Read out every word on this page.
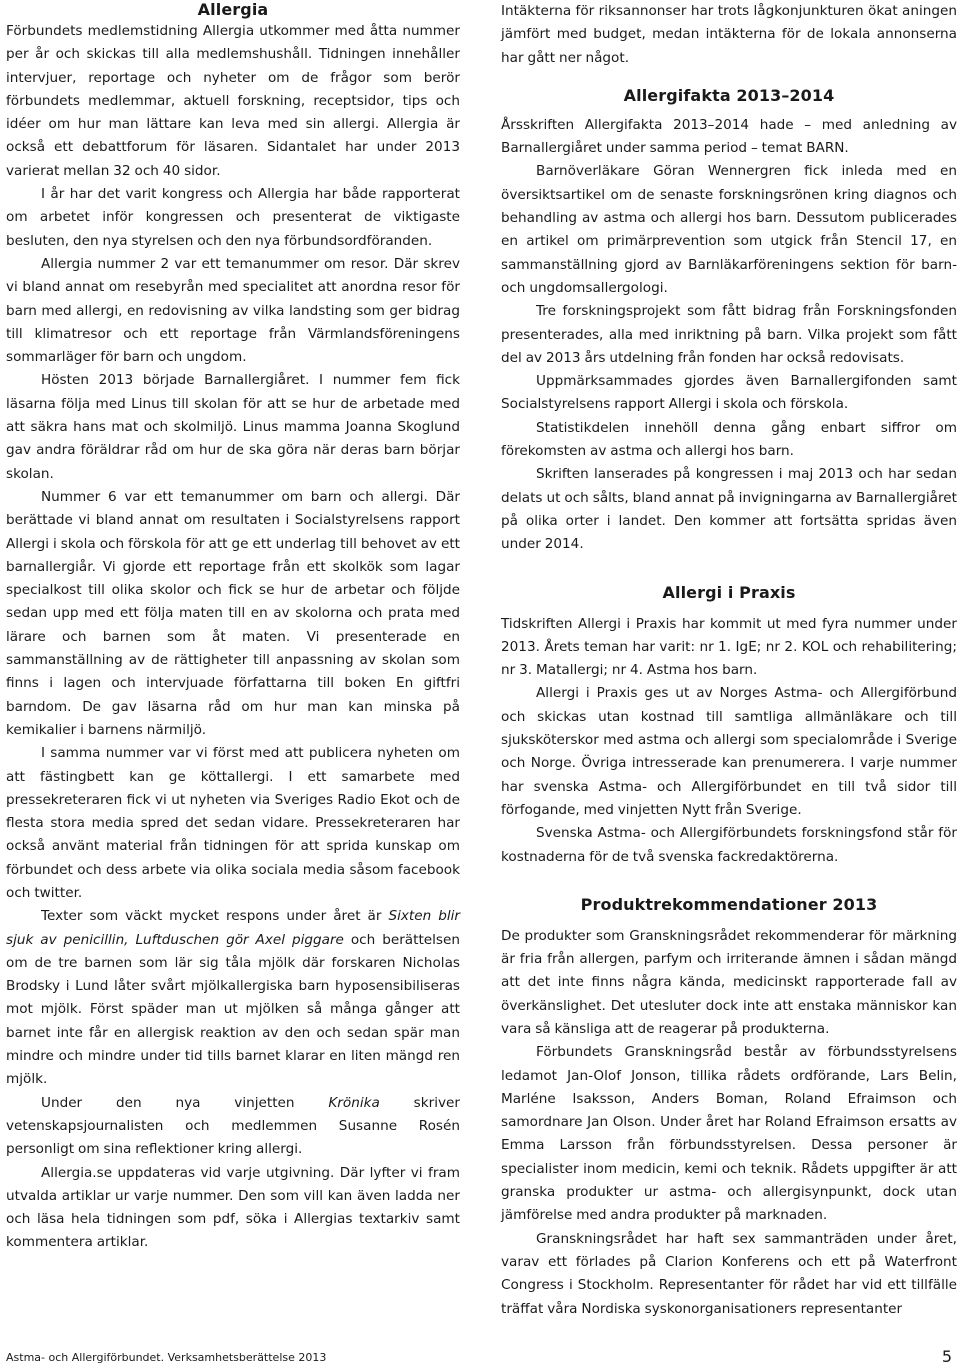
Allergia

Förbundets medlemstidning Allergia utkommer med åtta nummer per år och skickas till alla medlemshushåll. Tidningen innehåller intervjuer, reportage och nyheter om de frågor som berör förbundets medlemmar, aktuell forskning, receptsidor, tips och idéer om hur man lättare kan leva med sin allergi. Allergia är också ett debattforum för läsaren. Sidantalet har under 2013 varierat mellan 32 och 40 sidor.

I år har det varit kongress och Allergia har både rapporterat om arbetet inför kongressen och presenterat de viktigaste besluten, den nya styrelsen och den nya förbundsordföranden.

Allergia nummer 2 var ett temanummer om resor. Där skrev vi bland annat om resebyrån med specialitet att anordna resor för barn med allergi, en redovisning av vilka landsting som ger bidrag till klimatresor och ett reportage från Värmlandsföreningens sommarläger för barn och ungdom.

Hösten 2013 började Barnallergiåret. I nummer fem fick läsarna följa med Linus till skolan för att se hur de arbetade med att säkra hans mat och skolmiljö. Linus mamma Joanna Skoglund gav andra föräldrar råd om hur de ska göra när deras barn börjar skolan.

Nummer 6 var ett temanummer om barn och allergi. Där berättade vi bland annat om resultaten i Socialstyrelsens rapport Allergi i skola och förskola för att ge ett underlag till behovet av ett barnallergiår. Vi gjorde ett reportage från ett skolkök som lagar specialkost till olika skolor och fick se hur de arbetar och följde sedan upp med ett följa maten till en av skolorna och prata med lärare och barnen som åt maten. Vi presenterade en sammanställning av de rättigheter till anpassning av skolan som finns i lagen och intervjuade författarna till boken En giftfri barndom. De gav läsarna råd om hur man kan minska på kemikalier i barnens närmiljö.

I samma nummer var vi först med att publicera nyheten om att fästingbett kan ge köttallergi. I ett samarbete med pressekreteraren fick vi ut nyheten via Sveriges Radio Ekot och de flesta stora media spred det sedan vidare. Pressekreteraren har också använt material från tidningen för att sprida kunskap om förbundet och dess arbete via olika sociala media såsom facebook och twitter.

Texter som väckt mycket respons under året är Sixten blir sjuk av penicillin, Luftduschen gör Axel piggare och berättelsen om de tre barnen som lär sig tåla mjölk där forskaren Nicholas Brodsky i Lund låter svårt mjölkallergiska barn hyposensibiliseras mot mjölk. Först späder man ut mjölken så många gånger att barnet inte får en allergisk reaktion av den och sedan spär man mindre och mindre under tid tills barnet klarar en liten mängd ren mjölk.

Under den nya vinjetten Krönika skriver vetenskapsjournalisten och medlemmen Susanne Rosén personligt om sina reflektioner kring allergi.

Allergia.se uppdateras vid varje utgivning. Där lyfter vi fram utvalda artiklar ur varje nummer. Den som vill kan även ladda ner och läsa hela tidningen som pdf, söka i Allergias textarkiv samt kommentera artiklar.

Intäkterna för riksannonser har trots lågkonjunkturen ökat aningen jämfört med budget, medan intäkterna för de lokala annonserna har gått ner något.

Allergifakta 2013–2014

Årsskriften Allergifakta 2013–2014 hade – med anledning av Barnallergiåret under samma period – temat BARN.

Barnöverläkare Göran Wennergren fick inleda med en översiktsartikel om de senaste forskningsrönen kring diagnos och behandling av astma och allergi hos barn. Dessutom publicerades en artikel om primärprevention som utgick från Stencil 17, en sammanställning gjord av Barnläkarföreningens sektion för barn- och ungdomsallergologi.

Tre forskningsprojekt som fått bidrag från Forskningsfonden presenterades, alla med inriktning på barn. Vilka projekt som fått del av 2013 års utdelning från fonden har också redovisats.

Uppmärksammades gjordes även Barnallergifonden samt Socialstyrelsens rapport Allergi i skola och förskola.

Statistikdelen innehöll denna gång enbart siffror om förekomsten av astma och allergi hos barn.

Skriften lanserades på kongressen i maj 2013 och har sedan delats ut och sålts, bland annat på invigningarna av Barnallergiåret på olika orter i landet. Den kommer att fortsätta spridas även under 2014.

Allergi i Praxis

Tidskriften Allergi i Praxis har kommit ut med fyra nummer under 2013. Årets teman har varit: nr 1. IgE; nr 2. KOL och rehabilitering; nr 3. Matallergi; nr 4. Astma hos barn.

Allergi i Praxis ges ut av Norges Astma- och Allergiförbund och skickas utan kostnad till samtliga allmänläkare och till sjuksköterskor med astma och allergi som specialområde i Sverige och Norge. Övriga intresserade kan prenumerera. I varje nummer har svenska Astma- och Allergiförbundet en till två sidor till förfogande, med vinjetten Nytt från Sverige.

Svenska Astma- och Allergiförbundets forskningsfond står för kostnaderna för de två svenska fackredaktörerna.

Produktrekommendationer 2013

De produkter som Granskningsrådet rekommenderar för märkning är fria från allergen, parfym och irriterande ämnen i sådan mängd att det inte finns några kända, medicinskt rapporterade fall av överkänslighet. Det utesluter dock inte att enstaka människor kan vara så känsliga att de reagerar på produkterna.

Förbundets Granskningsråd består av förbundsstyrelsens ledamot Jan-Olof Jonson, tillika rådets ordförande, Lars Belin, Marléne Isaksson, Anders Boman, Roland Efraimson och samordnare Jan Olson. Under året har Roland Efraimson ersatts av Emma Larsson från förbundsstyrelsen. Dessa personer är specialister inom medicin, kemi och teknik. Rådets uppgifter är att granska produkter ur astma- och allergisynpunkt, dock utan jämförelse med andra produkter på marknaden.

Granskningsrådet har haft sex sammanträden under året, varav ett förlades på Clarion Konferens och ett på Waterfront Congress i Stockholm. Representanter för rådet har vid ett tillfälle träffat våra Nordiska syskonorganisationers representanter

Astma- och Allergiförbundet. Verksamhetsberättelse 2013	5
